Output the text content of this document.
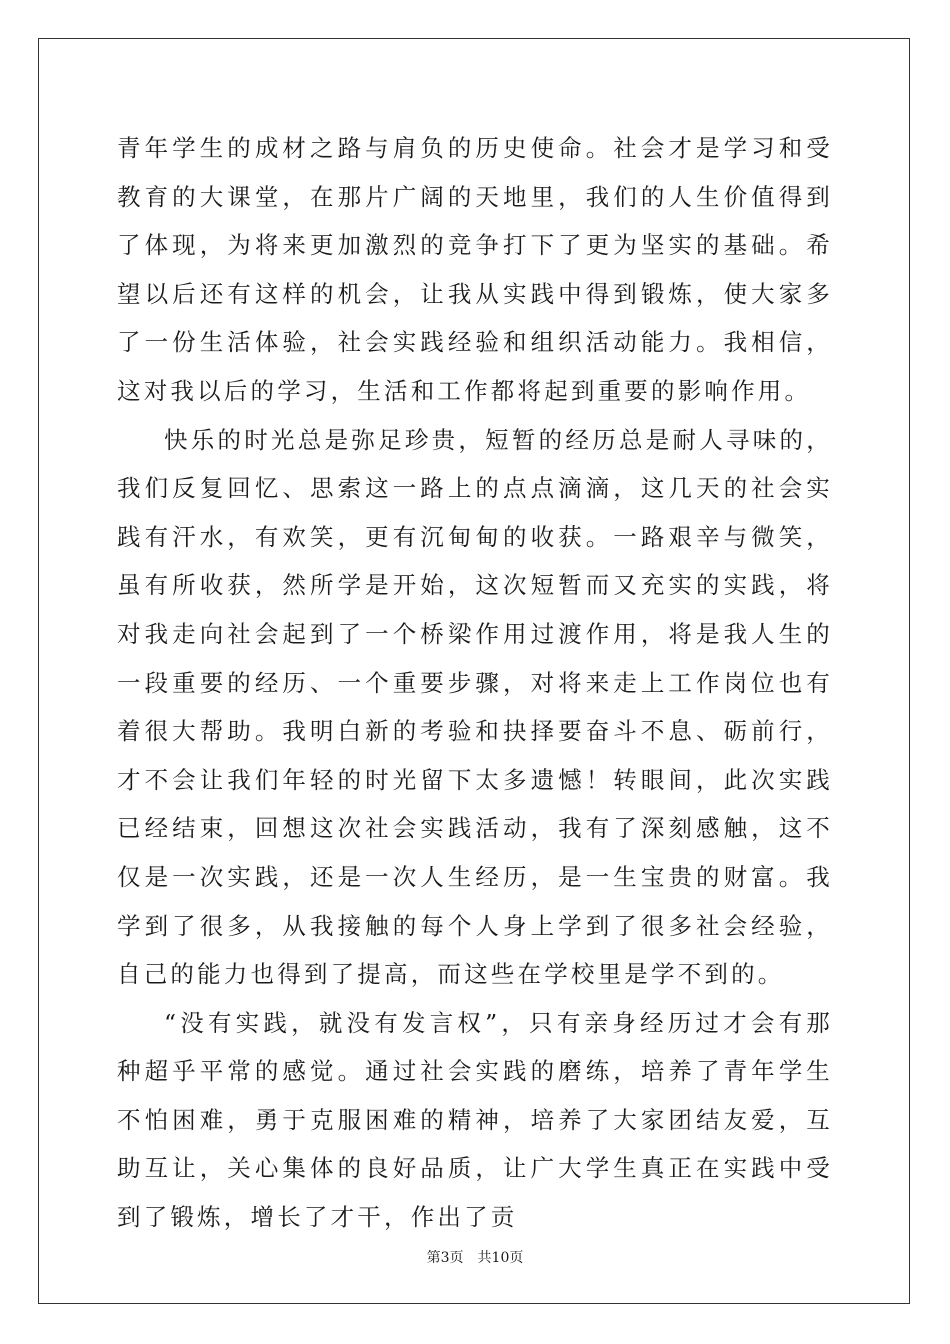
青年学生的成材之路与肩负的历史使命。社会才是学习和受教育的大课堂，在那片广阔的天地里，我们的人生价值得到了体现，为将来更加激烈的竞争打下了更为坚实的基础。希望以后还有这样的机会，让我从实践中得到锻炼，使大家多了一份生活体验，社会实践经验和组织活动能力。我相信，这对我以后的学习，生活和工作都将起到重要的影响作用。

快乐的时光总是弥足珍贵，短暂的经历总是耐人寻味的，我们反复回忆、思索这一路上的点点滴滴，这几天的社会实践有汗水，有欢笑，更有沉甸甸的收获。一路艰辛与微笑，虽有所收获，然所学是开始，这次短暂而又充实的实践，将对我走向社会起到了一个桥梁作用过渡作用，将是我人生的一段重要的经历、一个重要步骤，对将来走上工作岗位也有着很大帮助。我明白新的考验和抉择要奋斗不息、砺前行，才不会让我们年轻的时光留下太多遗憾！转眼间，此次实践已经结束，回想这次社会实践活动，我有了深刻感触，这不仅是一次实践，还是一次人生经历，是一生宝贵的财富。我学到了很多，从我接触的每个人身上学到了很多社会经验，自己的能力也得到了提高，而这些在学校里是学不到的。

“没有实践，就没有发言权”，只有亲身经历过才会有那种超乎平常的感觉。通过社会实践的磨练，培养了青年学生不怕困难，勇于克服困难的精神，培养了大家团结友爱，互助互让，关心集体的良好品质，让广大学生真正在实践中受到了锻炼，增长了才干，作出了贡

第3页　共10页
